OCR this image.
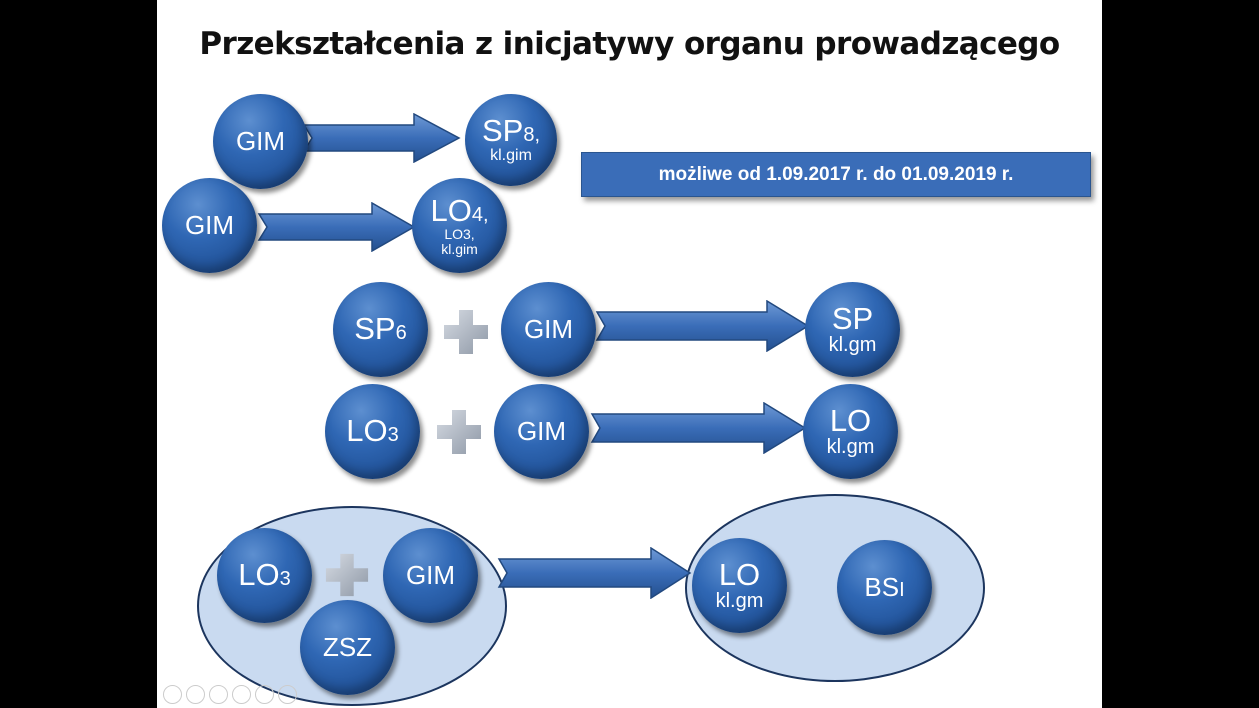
Przekształcenia z inicjatywy organu prowadzącego
GIM	SP8,
kl.gim
GIM	LO4,
LO3,
kl.gim
możliwe od 1.09.2017 r. do 01.09.2019 r.
SP6	GIM	SP
kl.gm
LO3	GIM	LO
kl.gm
LO3	GIM
ZSZ
LO
kl.gm	BSI
